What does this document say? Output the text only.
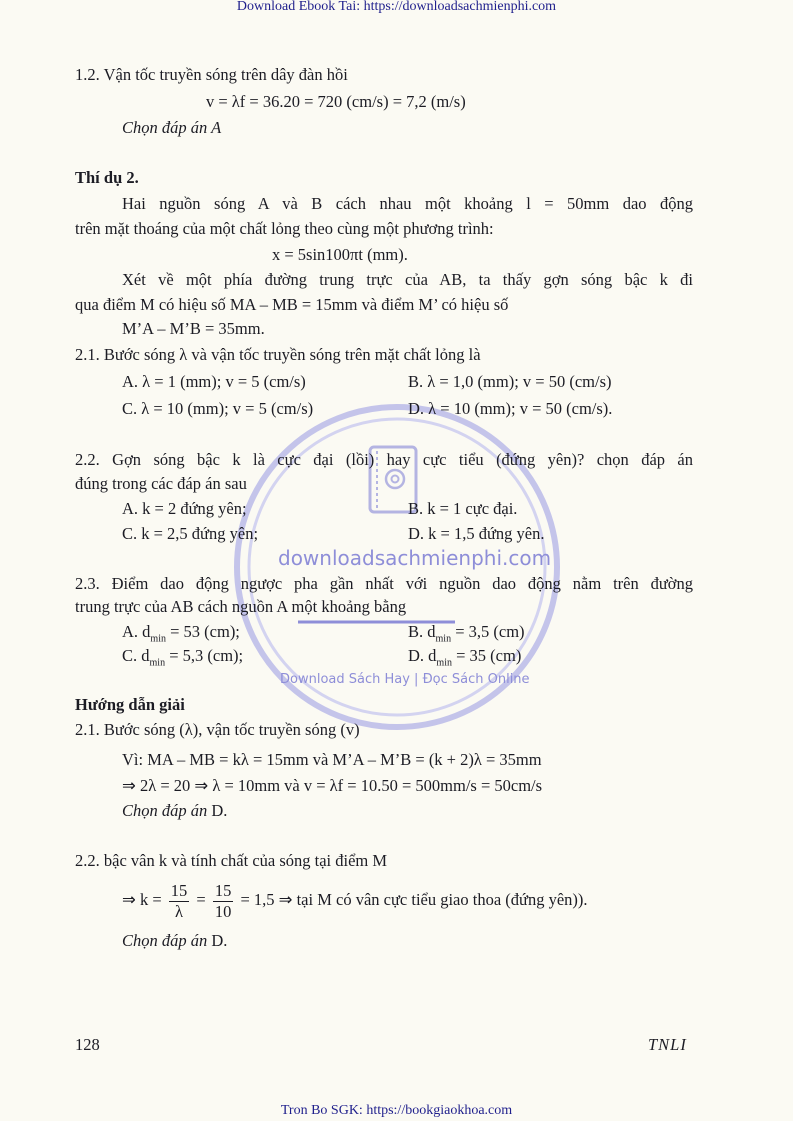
Download Ebook Tai: https://downloadsachmienphi.com
downloadsachmienphi.com
Download Sách Hay | Đọc Sách Online
1.2. Vận tốc truyền sóng trên dây đàn hồi
v = λf = 36.20 = 720 (cm/s) = 7,2 (m/s)
Chọn đáp án A
Thí dụ 2.
Hai nguồn sóng A và B cách nhau một khoảng l = 50mm dao động
trên mặt thoáng của một chất lỏng theo cùng một phương trình:
x = 5sin100πt (mm).
Xét về một phía đường trung trực của AB, ta thấy gợn sóng bậc k đi
qua điểm M có hiệu số MA – MB = 15mm và điểm M’ có hiệu số
M’A – M’B = 35mm.
2.1. Bước sóng λ và vận tốc truyền sóng trên mặt chất lỏng là
A. λ = 1 (mm); v = 5 (cm/s)	B. λ = 1,0 (mm); v = 50 (cm/s)
C. λ = 10 (mm); v = 5 (cm/s)	D. λ = 10 (mm); v = 50 (cm/s).
2.2. Gợn sóng bậc k là cực đại (lồi) hay cực tiểu (đứng yên)? chọn đáp án
đúng trong các đáp án sau
A. k = 2 đứng yên;	B. k = 1 cực đại.
C. k = 2,5 đứng yên;	D. k = 1,5 đứng yên.
2.3. Điểm dao động ngược pha gần nhất với nguồn dao động nằm trên đường
trung trực của AB cách nguồn A một khoảng bằng
A. $d_{min} = 53$ (cm);	B. $d_{min} = 3,5$ (cm)
C. $d_{min} = 5,3$ (cm);	D. $d_{min} = 35$ (cm)
Hướng dẫn giải
2.1. Bước sóng (λ), vận tốc truyền sóng (v)
Vì: MA – MB = kλ = 15mm và M’A – M’B = (k + 2)λ = 35mm
⇒ 2λ = 20 ⇒ λ = 10mm và v = λf = 10.50 = 500mm/s = 50cm/s
Chọn đáp án D.
2.2. bậc vân k và tính chất của sóng tại điểm M
⇒ $k = \frac{15}{\lambda} = \frac{15}{10} = 1,5$ ⇒ tại M có vân cực tiểu giao thoa (đứng yên)).
Chọn đáp án D.
128	TNLI
Tron Bo SGK: https://bookgiaokhoa.com
